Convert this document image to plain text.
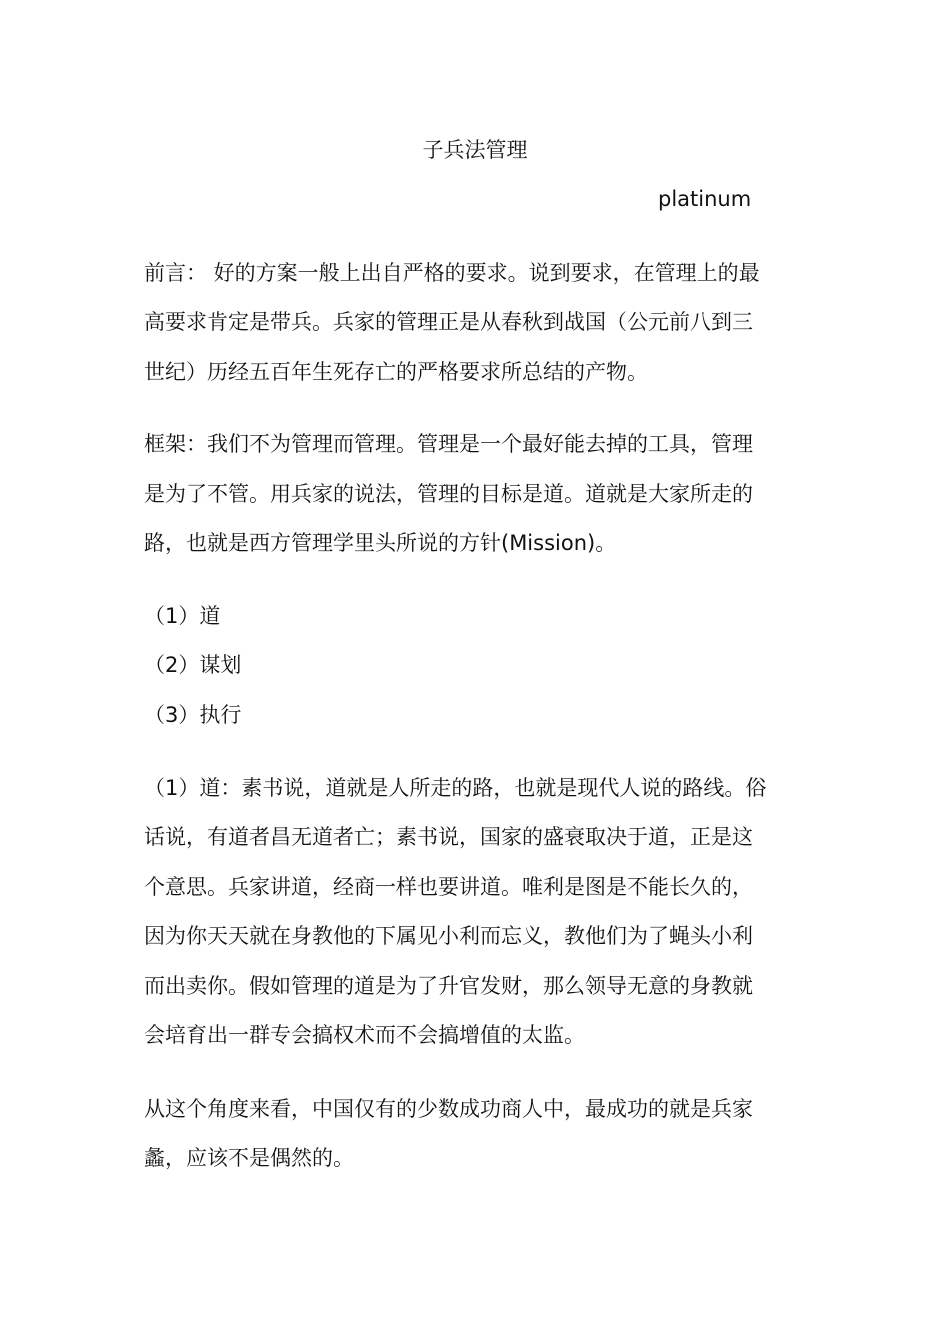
子兵法管理
platinum
前言： 好的方案一般上出自严格的要求。说到要求，在管理上的最
高要求肯定是带兵。兵家的管理正是从春秋到战国（公元前八到三
世纪）历经五百年生死存亡的严格要求所总结的产物。
框架：我们不为管理而管理。管理是一个最好能去掉的工具，管理
是为了不管。用兵家的说法，管理的目标是道。道就是大家所走的
路，也就是西方管理学里头所说的方针(Mission)。
（1）道
（2）谋划
（3）执行
（1）道：素书说，道就是人所走的路，也就是现代人说的路线。俗
话说，有道者昌无道者亡；素书说，国家的盛衰取决于道，正是这
个意思。兵家讲道，经商一样也要讲道。唯利是图是不能长久的，
因为你天天就在身教他的下属见小利而忘义，教他们为了蝇头小利
而出卖你。假如管理的道是为了升官发财，那么领导无意的身教就
会培育出一群专会搞权术而不会搞增值的太监。
从这个角度来看，中国仅有的少数成功商人中，最成功的就是兵家
蠡，应该不是偶然的。
